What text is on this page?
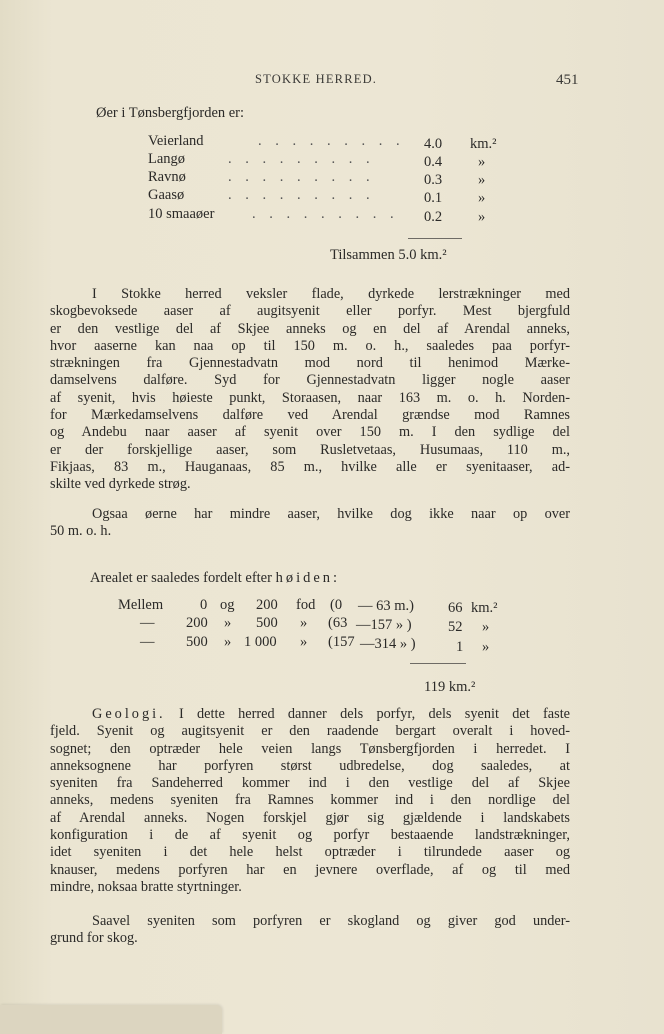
STOKKE HERRED.	451
Øer i Tønsbergfjorden er:
Veierland	. . . . . . . . . 4.0 km.²
Langø	. . . . . . . . .	0.4 »
Ravnø	. . . . . . . . .	0.3 »
Gaasø	. . . . . . . . .	0.1 »
10 smaaøer	. . . . . . . . . 0.2 »
Tilsammen 5.0 km.²
I Stokke herred veksler flade, dyrkede lerstrækninger med
skogbevoksede aaser af augitsyenit eller porfyr. Mest bjergfuld
er den vestlige del af Skjee anneks og en del af Arendal anneks,
hvor aaserne kan naa op til 150 m. o. h., saaledes paa porfyr-
strækningen fra Gjennestadvatn mod nord til henimod Mærke-
damselvens dalføre. Syd for Gjennestadvatn ligger nogle aaser
af syenit, hvis høieste punkt, Storaasen, naar 163 m. o. h. Norden-
for Mærkedamselvens dalføre ved Arendal grændse mod Ramnes
og Andebu naar aaser af syenit over 150 m. I den sydlige del
er der forskjellige aaser, som Rusletvetaas, Husumaas, 110 m.,
Fikjaas, 83 m., Hauganaas, 85 m., hvilke alle er syenitaaser, ad-
skilte ved dyrkede strøg.
Ogsaa øerne har mindre aaser, hvilke dog ikke naar op over
50 m. o. h.
Arealet er saaledes fordelt efter høiden:
Mellem	0 og 200 fod (0 — 63 m.) 66 km.²
— 200 » 500 » (63 —157 » )	52 »
— 500 » 1 000 » (157 —314 » )	1 »
119 km.²
Geologi. I dette herred danner dels porfyr, dels syenit det faste
fjeld. Syenit og augitsyenit er den raadende bergart overalt i hoved-
sognet; den optræder hele veien langs Tønsbergfjorden i herredet. I
anneksognene har porfyren størst udbredelse, dog saaledes, at
syeniten fra Sandeherred kommer ind i den vestlige del af Skjee
anneks, medens syeniten fra Ramnes kommer ind i den nordlige del
af Arendal anneks. Nogen forskjel gjør sig gjældende i landskabets
konfiguration i de af syenit og porfyr bestaaende landstrækninger,
idet syeniten i det hele helst optræder i tilrundede aaser og
knauser, medens porfyren har en jevnere overflade, af og til med
mindre, noksaa bratte styrtninger.
Saavel syeniten som porfyren er skogland og giver god under-
grund for skog.
